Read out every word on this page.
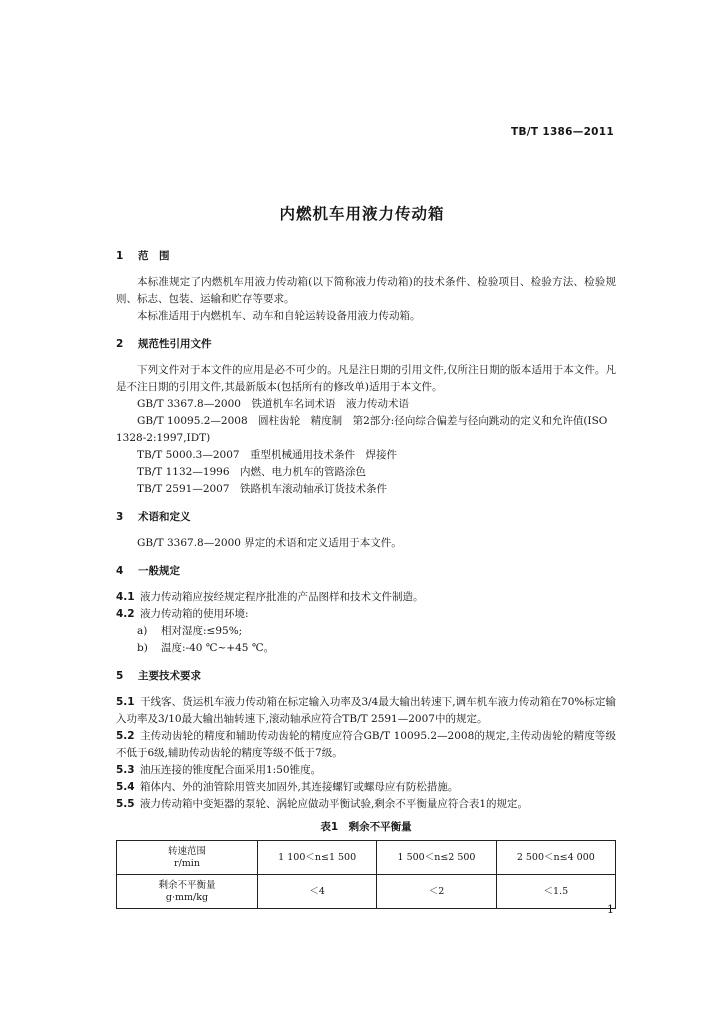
TB/T 1386—2011
内燃机车用液力传动箱
1 范　围

本标准规定了内燃机车用液力传动箱(以下简称液力传动箱)的技术条件、检验项目、检验方法、检验规则、标志、包装、运输和贮存等要求。

本标准适用于内燃机车、动车和自轮运转设备用液力传动箱。

2 规范性引用文件

下列文件对于本文件的应用是必不可少的。凡是注日期的引用文件,仅所注日期的版本适用于本文件。凡是不注日期的引用文件,其最新版本(包括所有的修改单)适用于本文件。

GB/T 3367.8—2000　铁道机车名词术语　液力传动术语

GB/T 10095.2—2008　圆柱齿轮　精度制　第2部分:径向综合偏差与径向跳动的定义和允许值(ISO 1328-2:1997,IDT)

TB/T 5000.3—2007　重型机械通用技术条件　焊接件

TB/T 1132—1996　内燃、电力机车的管路涂色

TB/T 2591—2007　铁路机车滚动轴承订货技术条件

3 术语和定义

GB/T 3367.8—2000 界定的术语和定义适用于本文件。

4 一般规定

4.1 液力传动箱应按经规定程序批准的产品图样和技术文件制造。

4.2 液力传动箱的使用环境:

a) 相对湿度:≤95%;

b) 温度:-40 ℃~+45 ℃。

5 主要技术要求

5.1 干线客、货运机车液力传动箱在标定输入功率及3/4最大输出转速下,调车机车液力传动箱在70%标定输入功率及3/10最大输出轴转速下,滚动轴承应符合TB/T 2591—2007中的规定。

5.2 主传动齿轮的精度和辅助传动齿轮的精度应符合GB/T 10095.2—2008的规定,主传动齿轮的精度等级不低于6级,辅助传动齿轮的精度等级不低于7级。

5.3 油压连接的锥度配合面采用1:50锥度。

5.4 箱体内、外的油管除用管夹加固外,其连接螺钉或螺母应有防松措施。

5.5 液力传动箱中变矩器的泵轮、涡轮应做动平衡试验,剩余不平衡量应符合表1的规定。

表1　剩余不平衡量
转速范围
r/min	1 100＜n≤1 500	1 500＜n≤2 500	2 500＜n≤4 000

剩余不平衡量
g·mm/kg	＜4	＜2	＜1.5
1
